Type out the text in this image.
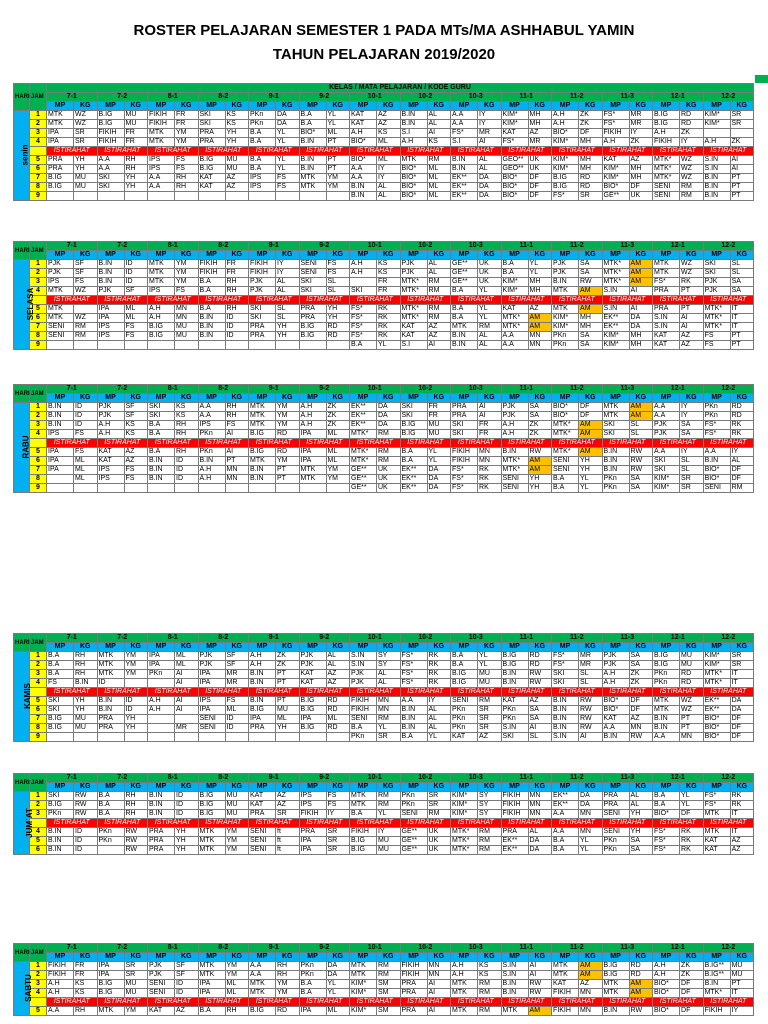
ROSTER PELAJARAN SEMESTER 1 PADA MTs/MA ASHHABUL YAMIN
TAHUN PELAJARAN 2019/2020
HARI	JAM	KELAS / MATA PELAJARAN / KODE GURU																											
		7-1		7-2		8-1		8-2		9-1		9-2		10-1		10-2		10-3		11-1		11-2		11-3		12-1		12-2	
		MP	KG	MP	KG	MP	KG	MP	KG	MP	KG	MP	KG	MP	KG	MP	KG	MP	KG	MP	KG	MP	KG	MP	KG	MP	KG	MP	KG
senin	1	MTK	WZ	B.IG	MU	FIKIH	FR	SKI	KS	PKn	DA	B.A	YL	KAT	AZ	B.IN	AL	A.A	IY	KIM*	MH	A.H	ZK	FS*	MR	B.IG	RD	KIM*	SR
	2	MTK	WZ	B.IG	MU	FIKIH	FR	SKI	KS	PKn	DA	B.A	YL	KAT	AZ	B.IN	AL	A.A	IY	KIM*	MH	A.H	ZK	FS*	MR	B.IG	RD	KIM*	SR
	3	IPA	SR	FIKIH	FR	MTK	YM	PRA	YH	B.A	YL	BIO*	ML	A.H	KS	S.I	AI	FS*	MR	KAT	AZ	BIO*	DF	FIKIH	IY	A.H	ZK		
	4	IPA	SR	FIKIH	FR	MTK	YM	PRA	YH	B.A	YL	B.IN	PT	BIO*	ML	A.H	KS	S.I	AI	FS*	MR	KIM*	MH	A.H	ZK	FIKIH	IY	A.H	ZK
		ISTIRAHAT		ISTIRAHAT		ISTIRAHAT		ISTIRAHAT		ISTIRAHAT		ISTIRAHAT		ISTIRAHAT		ISTIRAHAT		ISTIRAHAT		ISTIRAHAT		ISTIRAHAT		ISTIRAHAT		ISTIRAHAT		ISTIRAHAT	
	5	PRA	YH	A.A	RH	IPS	FS	B.IG	MU	B.A	YL	B.IN	PT	BIO*	ML	MTK	RM	B.IN	AL	GEO**	UK	KIM*	MH	KAT	AZ	MTK*	WZ	S.IN	AI
	6	PRA	YH	A.A	RH	IPS	FS	B.IG	MU	B.A	YL	B.IN	PT	A.A	IY	BIO*	ML	B.IN	AL	GEO**	UK	KIM*	MH	KIM*	MH	MTK*	WZ	S.IN	AI
	7	B.IG	MU	SKI	YH	A.A	RH	KAT	AZ	IPS	FS	MTK	YM	A.A	IY	BIO*	ML	EK**	DA	BIO*	DF	B.IG	RD	KIM*	MH	MTK*	WZ	B.IN	PT
	8	B.IG	MU	SKI	YH	A.A	RH	KAT	AZ	IPS	FS	MTK	YM	B.IN	AL	BIO*	ML	EK**	DA	BIO*	DF	B.IG	RD	BIO*	DF	SENI	RM	B.IN	PT
	9													B.IN	AL	BIO*	ML	EK**	DA	BIO*	DF	FS*	SR	GE**	UK	SENI	RM	B.IN	PT
HARI	JAM	7-1		7-2		8-1		8-2		9-1		9-2		10-1		10-2		10-3		11-1		11-2		11-3		12-1		12-2	
		MP	KG	MP	KG	MP	KG	MP	KG	MP	KG	MP	KG	MP	KG	MP	KG	MP	KG	MP	KG	MP	KG	MP	KG	MP	KG	MP	KG
SELASA	1	PJK	SF	B.IN	ID	MTK	YM	FIKIH	FR	FIKIH	IY	SENI	FS	A.H	KS	PJK	AL	GE**	UK	B.A	YL	PJK	SA	MTK*	AM	MTK	WZ	SKI	SL
	2	PJK	SF	B.IN	ID	MTK	YM	FIKIH	FR	FIKIH	IY	SENI	FS	A.H	KS	PJK	AL	GE**	UK	B.A	YL	PJK	SA	MTK*	AM	MTK	WZ	SKI	SL
	3	IPS	FS	B.IN	ID	MTK	YM	B.A	RH	PJK	AL	SKI	SL		FR	MTK*	RM	GE**	UK	KIM*	MH	B.IN	RW	MTK*	AM	FS*	RK	PJK	SA
	4	MTK	WZ	PJK	SF	IPS	FS	B.A	RH	PJK	AL	SKI	SL	SKI	FR	MTK*	RM	B.A	YL	KIM*	MH	MTK	AM	S.IN	AI	PRA	PT	PJK	SA
		ISTIRAHAT		ISTIRAHAT		ISTIRAHAT		ISTIRAHAT		ISTIRAHAT		ISTIRAHAT		ISTIRAHAT		ISTIRAHAT		ISTIRAHAT		ISTIRAHAT		ISTIRAHAT		ISTIRAHAT		ISTIRAHAT		ISTIRAHAT	
	5	MTK		IPA	ML	A.H	MN	B.A	RH	SKI	SL	PRA	YH	FS*	RK	MTK*	RM	B.A	YL	KAT	AZ	MTK	AM	S.IN	AI	PRA	PT	MTK*	IT
	6	MTK	WZ	IPA	ML	A.H	MN	B.IN	ID	SKI	SL	PRA	YH	FS*	RK	MTK*	RM	B.A	YL	MTK*	AM	KIM*	MH	EK**	DA	S.IN	AI	MTK*	IT
	7	SENI	RM	IPS	FS	B.IG	MU	B.IN	ID	PRA	YH	B.IG	RD	FS*	RK	KAT	AZ	MTK	RM	MTK*	AM	KIM*	MH	EK**	DA	S.IN	AI	MTK*	IT
	8	SENI	RM	IPS	FS	B.IG	MU	B.IN	ID	PRA	YH	B.IG	RD	FS*	RK	KAT	AZ	B.IN	AL	A.A	MN	PKn	SA	KIM*	MH	KAT	AZ	FS	PT
	9													B.A	YL	S.I	AI	B.IN	AL	A.A	MN	PKn	SA	KIM*	MH	KAT	AZ	FS	PT
HARI	JAM	7-1		7-2		8-1		8-2		9-1		9-2		10-1		10-2		10-3		11-1		11-2		11-3		12-1		12-2	
		MP	KG	MP	KG	MP	KG	MP	KG	MP	KG	MP	KG	MP	KG	MP	KG	MP	KG	MP	KG	MP	KG	MP	KG	MP	KG	MP	KG
RABU	1	B.IN	ID	PJK	SF	SKI	KS	A.A	RH	MTK	YM	A.H	ZK	EK**	DA	SKI	FR	PRA	AI	PJK	SA	BIO*	DF	MTK	AM	A.A	IY	PKn	RD
	2	B.IN	ID	PJK	SF	SKI	KS	A.A	RH	MTK	YM	A.H	ZK	EK**	DA	SKI	FR	PRA	AI	PJK	SA	BIO*	DF	MTK	AM	A.A	IY	PKn	RD
	3	B.IN	ID	A.H	KS	B.A	RH	IPS	FS	MTK	YM	A.H	ZK	EK**	DA	B.IG	MU	SKI	FR	A.H	ZK	MTK*	AM	SKI	SL	PJK	SA	FS*	RK
	4	IPS	FS	A.H	KS	B.A	RH	PKn	AI	B.IG	RD	IPA	ML	MTK*	RM	B.IG	MU	SKI	FR	A.H	ZK	MTK*	AM	SKI	SL	PJK	SA	FS*	RK
		ISTIRAHAT		ISTIRAHAT		ISTIRAHAT		ISTIRAHAT		ISTIRAHAT		ISTIRAHAT		ISTIRAHAT		ISTIRAHAT		ISTIRAHAT		ISTIRAHAT		ISTIRAHAT		ISTIRAHAT		ISTIRAHAT		ISTIRAHAT	
	5	IPA	FS	KAT	AZ	B.A	RH	PKn	AI	B.IG	RD	IPA	ML	MTK*	RM	B.A	YL	FIKIH	MN	B.IN	RW	MTK*	AM	B.IN	RW	A.A	IY	A.A	IY
	6	IPA	ML	KAT	AZ	B.IN	ID	B.IN	PT	MTK	YM	IPA	ML	MTK*	RM	B.A	YL	FIKIH	MN	MTK*	AM	SENI	YH	B.IN	RW	SKI	SL	B.IN	AL
	7	IPA	ML	IPS	FS	B.IN	ID	A.H	MN	B.IN	PT	MTK	YM	GE**	UK	EK**	DA	FS*	RK	MTK*	AM	SENI	YH	B.IN	RW	SKI	SL	BIO*	DF
	8		ML	IPS	FS	B.IN	ID	A.H	MN	B.IN	PT	MTK	YM	GE**	UK	EK**	DA	FS*	RK	SENI	YH	B.A	YL	PKn	SA	KIM*	SR	BIO*	DF
	9													GE**	UK	EK**	DA	FS*	RK	SENI	YH	B.A	YL	PKn	SA	KIM*	SR	SENI	RM
HARI	JAM	7-1		7-2		8-1		8-2		9-1		9-2		10-1		10-2		10-3		11-1		11-2		11-3		12-1		12-2	
		MP	KG	MP	KG	MP	KG	MP	KG	MP	KG	MP	KG	MP	KG	MP	KG	MP	KG	MP	KG	MP	KG	MP	KG	MP	KG	MP	KG
KAMIS	1	B.A	RH	MTK	YM	IPA	ML	PJK	SF	A.H	ZK	PJK	AL	S.IN	SY	FS*	RK	B.A	YL	B.IG	RD	FS*	MR	PJK	SA	B.IG	MU	KIM*	SR
	2	B.A	RH	MTK	YM	IPA	ML	PJK	SF	A.H	ZK	PJK	AL	S.IN	SY	FS*	RK	B.A	YL	B.IG	RD	FS*	MR	PJK	SA	B.IG	MU	KIM*	SR
	3	B.A	RH	MTK	YM	PKn	AI	IPA	MR	B.IN	PT	KAT	AZ	PJK	AL	FS*	RK	B.IG	MU	B.IN	RW	SKI	SL	A.H	ZK	PKn	RD	MTK*	IT
	4	FS	B.IN	ID			AI	IPA	MR	B.IN	PT	KAT	AZ	PJK	AL	FS*	RK	B.IG	MU	B.IN	RW	SKI	SL	A.H	ZK	PKn	RD	MTK*	IT
		ISTIRAHAT		ISTIRAHAT		ISTIRAHAT		ISTIRAHAT		ISTIRAHAT		ISTIRAHAT		ISTIRAHAT		ISTIRAHAT		ISTIRAHAT		ISTIRAHAT		ISTIRAHAT		ISTIRAHAT		ISTIRAHAT		ISTIRAHAT	
	5	SKI	YH	B.IN	ID	A.H	AI	IPS	FS	B.IN	PT	B.IG	RD	FIKIH	MN	A.A	IY	SENI	RM	KAT	AZ	B.IN	RW	BIO*	DF	MTK	WZ	EK**	DA
	6	SKI	YH	B.IN	ID	A.H	AI	IPA	ML	B.IG	MU	B.IG	RD	FIKIH	MN	B.IN	AL	PKn	SR	PKn	SA	B.IN	RW	BIO*	DF	MTK	WZ	EK**	DA
	7	B.IG	MU	PRA	YH			SENI	ID	IPA	ML	IPA	ML	SENI	RM	B.IN	AL	PKn	SR	PKn	SA	B.IN	RW	KAT	AZ	B.IN	PT	BIO*	DF
	8	B.IG	MU	PRA	YH		MR	SENI	ID	PRA	YH	B.IG	RD	B.A	YL	B.IN	AL	PKn	SR	S.IN	AI	B.IN	RW	A.A	MN	B.IN	PT	BIO*	DF
	9													PKn	SR	B.A	YL	KAT	AZ	SKI	SL	S.IN	AI	B.IN	RW	A.A	MN	BIO*	DF
HARI	JAM	7-1		7-2		8-1		8-2		9-1		9-2		10-1		10-2		10-3		11-1		11-2		11-3		12-1		12-2	
		MP	KG	MP	KG	MP	KG	MP	KG	MP	KG	MP	KG	MP	KG	MP	KG	MP	KG	MP	KG	MP	KG	MP	KG	MP	KG	MP	KG
JUM`AT	1	SKI	RW	B.A	RH	B.IN	ID	B.IG	MU	KAT	AZ	IPS	FS	MTK	RM	PKn	SR	KIM*	SY	FIKIH	MN	EK**	DA	PRA	AL	B.A	YL	FS*	RK
	2	B.IG	RW	B.A	RH	B.IN	ID	B.IG	MU	KAT	AZ	IPS	FS	MTK	RM	PKn	SR	KIM*	SY	FIKIH	MN	EK**	DA	PRA	AL	B.A	YL	FS*	RK
	3	PKn	RW	B.A	RH	B.IN	ID	B.IG	MU	PRA	SR	FIKIH	IY	B.A	YL	SENI	RM	KIM*	SY	FIKIH	MN	A.A	MN	SENI	YH	BIO*	DF	MTK	IT
		ISTIRAHAT		ISTIRAHAT		ISTIRAHAT		ISTIRAHAT		ISTIRAHAT		ISTIRAHAT		ISTIRAHAT		ISTIRAHAT		ISTIRAHAT		ISTIRAHAT		ISTIRAHAT		ISTIRAHAT		ISTIRAHAT		ISTIRAHAT	
	4	B.IN	ID	PKn	RW	PRA	YH	MTK	YM	SENI	ft	PRA	SR	FIKIH	IY	GE**	UK	MTK*	RM	PRA	AL	A.A	MN	SENI	YH	FS*	RK	MTK	IT
	5	B.IN	ID	PKn	RW	PRA	YH	MTK	YM	SENI	ft	IPA	SR	B.IG	MU	GE**	UK	MTK*	RM	EK**	DA	B.A	YL	PKn	SA	FS*	RK	KAT	AZ
	6	B.IN	ID		RW	PRA	YH	MTK	YM	SENI	ft	IPA	SR	B.IG	MU	GE**	UK	MTK*	RM	EK**	DA	B.A	YL	PKn	SA	FS*	RK	KAT	AZ
HARI	JAM	7-1		7-2		8-1		8-2		9-1		9-2		10-1		10-2		10-3		11-1		11-2		11-3		12-1		12-2	
		MP	KG	MP	KG	MP	KG	MP	KG	MP	KG	MP	KG	MP	KG	MP	KG	MP	KG	MP	KG	MP	KG	MP	KG	MP	KG	MP	KG
SABTU	1	FIKIH	FR	IPA	SR	PJK	SF	MTK	YM	A.A	RH	PKn	DA	MTK	RM	FIKIH	MN	A.H	KS	S.IN	AI	MTK	AM	B.IG	RD	A.H	ZK	B.IG**	MU
	2	FIKIH	FR	IPA	SR	PJK	SF	MTK	YM	A.A	RH	PKn	DA	MTK	RM	FIKIH	MN	A.H	KS	S.IN	AI	MTK	AM	B.IG	RD	A.H	ZK	B.IG**	MU
	3	A.H	KS	B.IG	MU	SENI	ID	IPA	ML	MTK	YM	B.A	YL	KIM*	SM	PRA	AI	MTK	RM	B.IN	RW	KAT	AZ	MTK	AM	BIO*	DF	B.IN	PT
	4	A.H	KS	B.IG	MU	SENI	ID	IPA	ML	MTK	YM	B.A	YL	KIM*	SM	PRA	AI	MTK	RM	B.IN	RW	FIKIH	MN	MTK	AM	BIO*	DF	MTK*	IT
		ISTIRAHAT		ISTIRAHAT		ISTIRAHAT		ISTIRAHAT		ISTIRAHAT		ISTIRAHAT		ISTIRAHAT		ISTIRAHAT		ISTIRAHAT		ISTIRAHAT		ISTIRAHAT		ISTIRAHAT		ISTIRAHAT		ISTIRAHAT	
	5	A.A	RH	MTK	YM	KAT	AZ	B.A	RH	B.IG	RD	IPA	ML	KIM*	SM	PRA	AI	MTK	RM	MTK	AM	FIKIH	MN	B.IN	RW	BIO*	DF	FIKIH	IY
